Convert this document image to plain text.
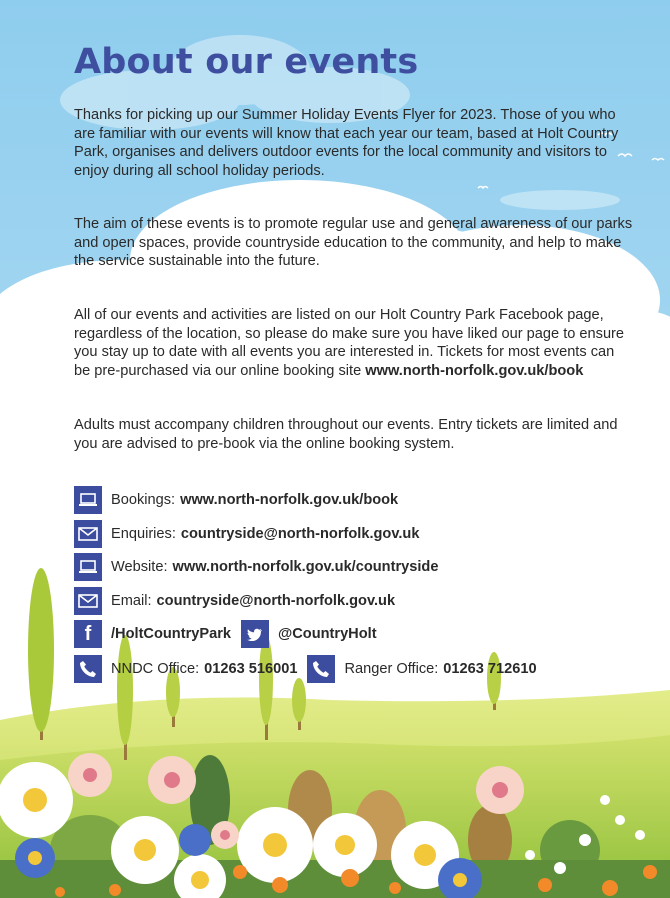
About our events

Thanks for picking up our Summer Holiday Events Flyer for 2023. Those of you who are familiar with our events will know that each year our team, based at Holt Country Park, organises and delivers outdoor events for the local community and visitors to enjoy during all school holiday periods.

The aim of these events is to promote regular use and general awareness of our parks and open spaces, provide countryside education to the community, and help to make the service sustainable into the future.

All of our events and activities are listed on our Holt Country Park Facebook page, regardless of the location, so please do make sure you have liked our page to ensure you stay up to date with all events you are interested in. Tickets for most events can be pre-purchased via our online booking site www.north-norfolk.gov.uk/book

Adults must accompany children throughout our events. Entry tickets are limited and you are advised to pre-book via the online booking system.

Bookings: www.north-norfolk.gov.uk/book
Enquiries: countryside@north-norfolk.gov.uk
Website: www.north-norfolk.gov.uk/countryside
Email: countryside@north-norfolk.gov.uk
f /HoltCountryPark	@CountryHolt
NNDC Office: 01263 516001	Ranger Office: 01263 712610
